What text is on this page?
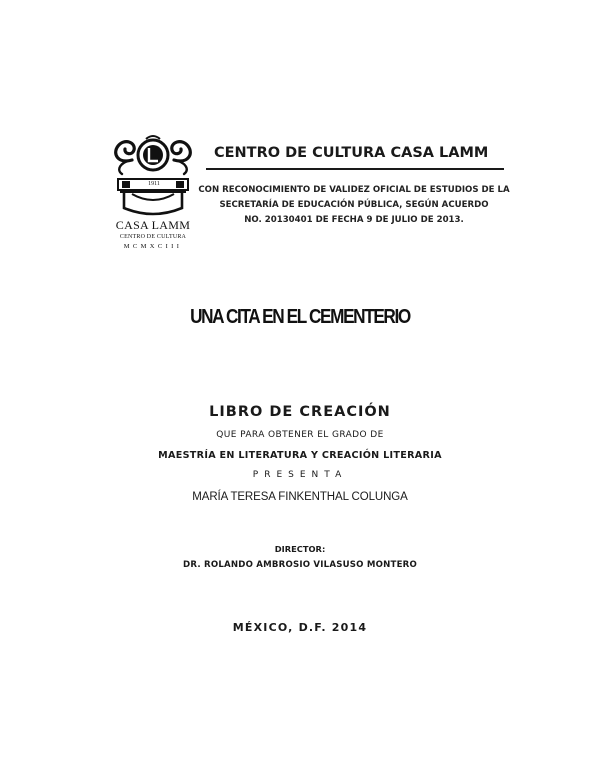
1911
CASA LAMM
CENTRO DE CULTURA
MCMXCIII
CENTRO DE CULTURA CASA LAMM
CON RECONOCIMIENTO DE VALIDEZ OFICIAL DE ESTUDIOS DE LA
SECRETARÍA DE EDUCACIÓN PÚBLICA, SEGÚN ACUERDO
NO. 20130401 DE FECHA 9 DE JULIO DE 2013.
UNA CITA EN EL CEMENTERIO
LIBRO DE CREACIÓN
QUE PARA OBTENER EL GRADO DE
MAESTRÍA EN LITERATURA Y CREACIÓN LITERARIA
PRESENTA
MARÍA TERESA FINKENTHAL COLUNGA
DIRECTOR:
DR. ROLANDO AMBROSIO VILASUSO MONTERO
MÉXICO, D.F. 2014
